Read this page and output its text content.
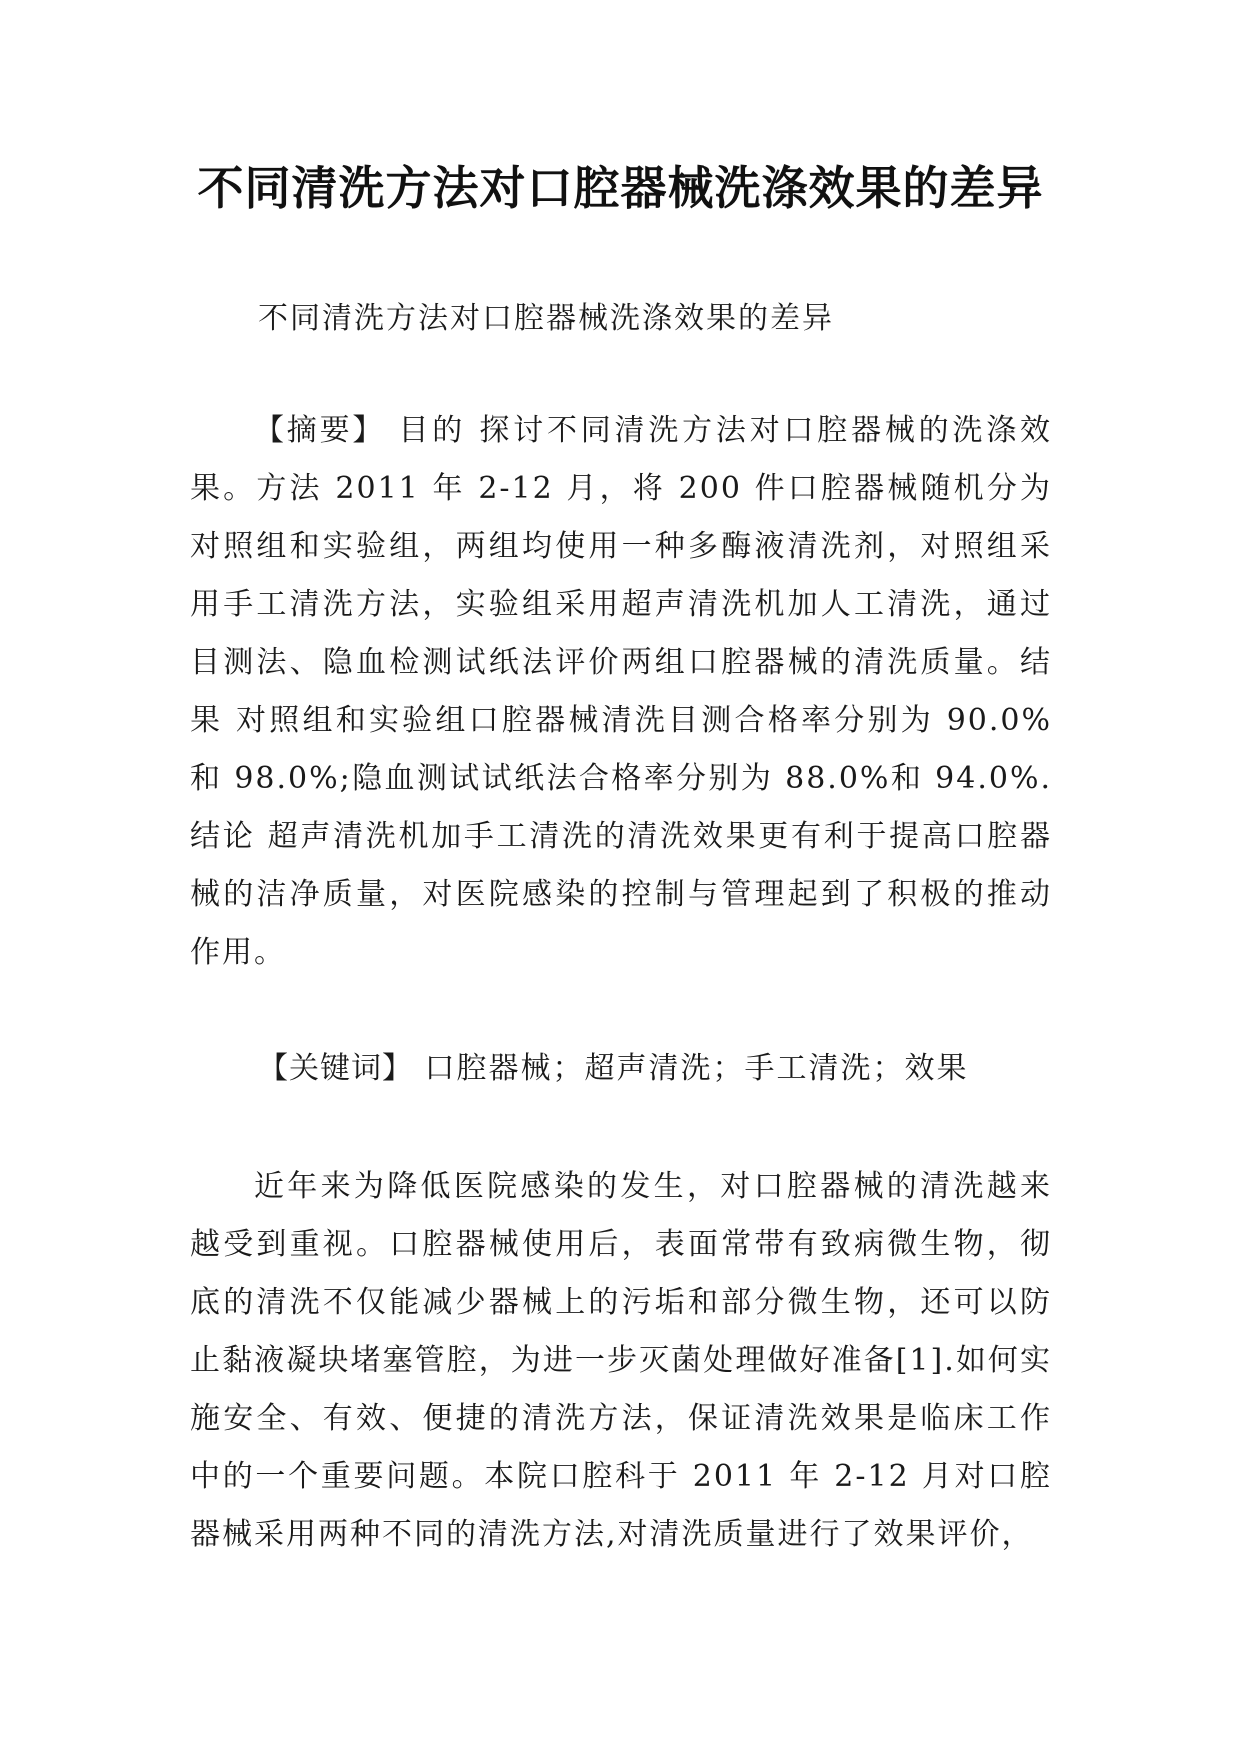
不同清洗方法对口腔器械洗涤效果的差异
不同清洗方法对口腔器械洗涤效果的差异

【摘要】 目的 探讨不同清洗方法对口腔器械的洗涤效果。方法 2011 年 2-12 月，将 200 件口腔器械随机分为对照组和实验组，两组均使用一种多酶液清洗剂，对照组采用手工清洗方法，实验组采用超声清洗机加人工清洗，通过目测法、隐血检测试纸法评价两组口腔器械的清洗质量。结果 对照组和实验组口腔器械清洗目测合格率分别为 90.0%和 98.0%;隐血测试试纸法合格率分别为 88.0%和 94.0%.结论 超声清洗机加手工清洗的清洗效果更有利于提高口腔器械的洁净质量，对医院感染的控制与管理起到了积极的推动作用。

【关键词】 口腔器械；超声清洗；手工清洗；效果

近年来为降低医院感染的发生，对口腔器械的清洗越来越受到重视。口腔器械使用后，表面常带有致病微生物，彻底的清洗不仅能减少器械上的污垢和部分微生物，还可以防止黏液凝块堵塞管腔，为进一步灭菌处理做好准备[1].如何实施安全、有效、便捷的清洗方法，保证清洗效果是临床工作中的一个重要问题。本院口腔科于 2011 年 2-12 月对口腔器械采用两种不同的清洗方法,对清洗质量进行了效果评价，
